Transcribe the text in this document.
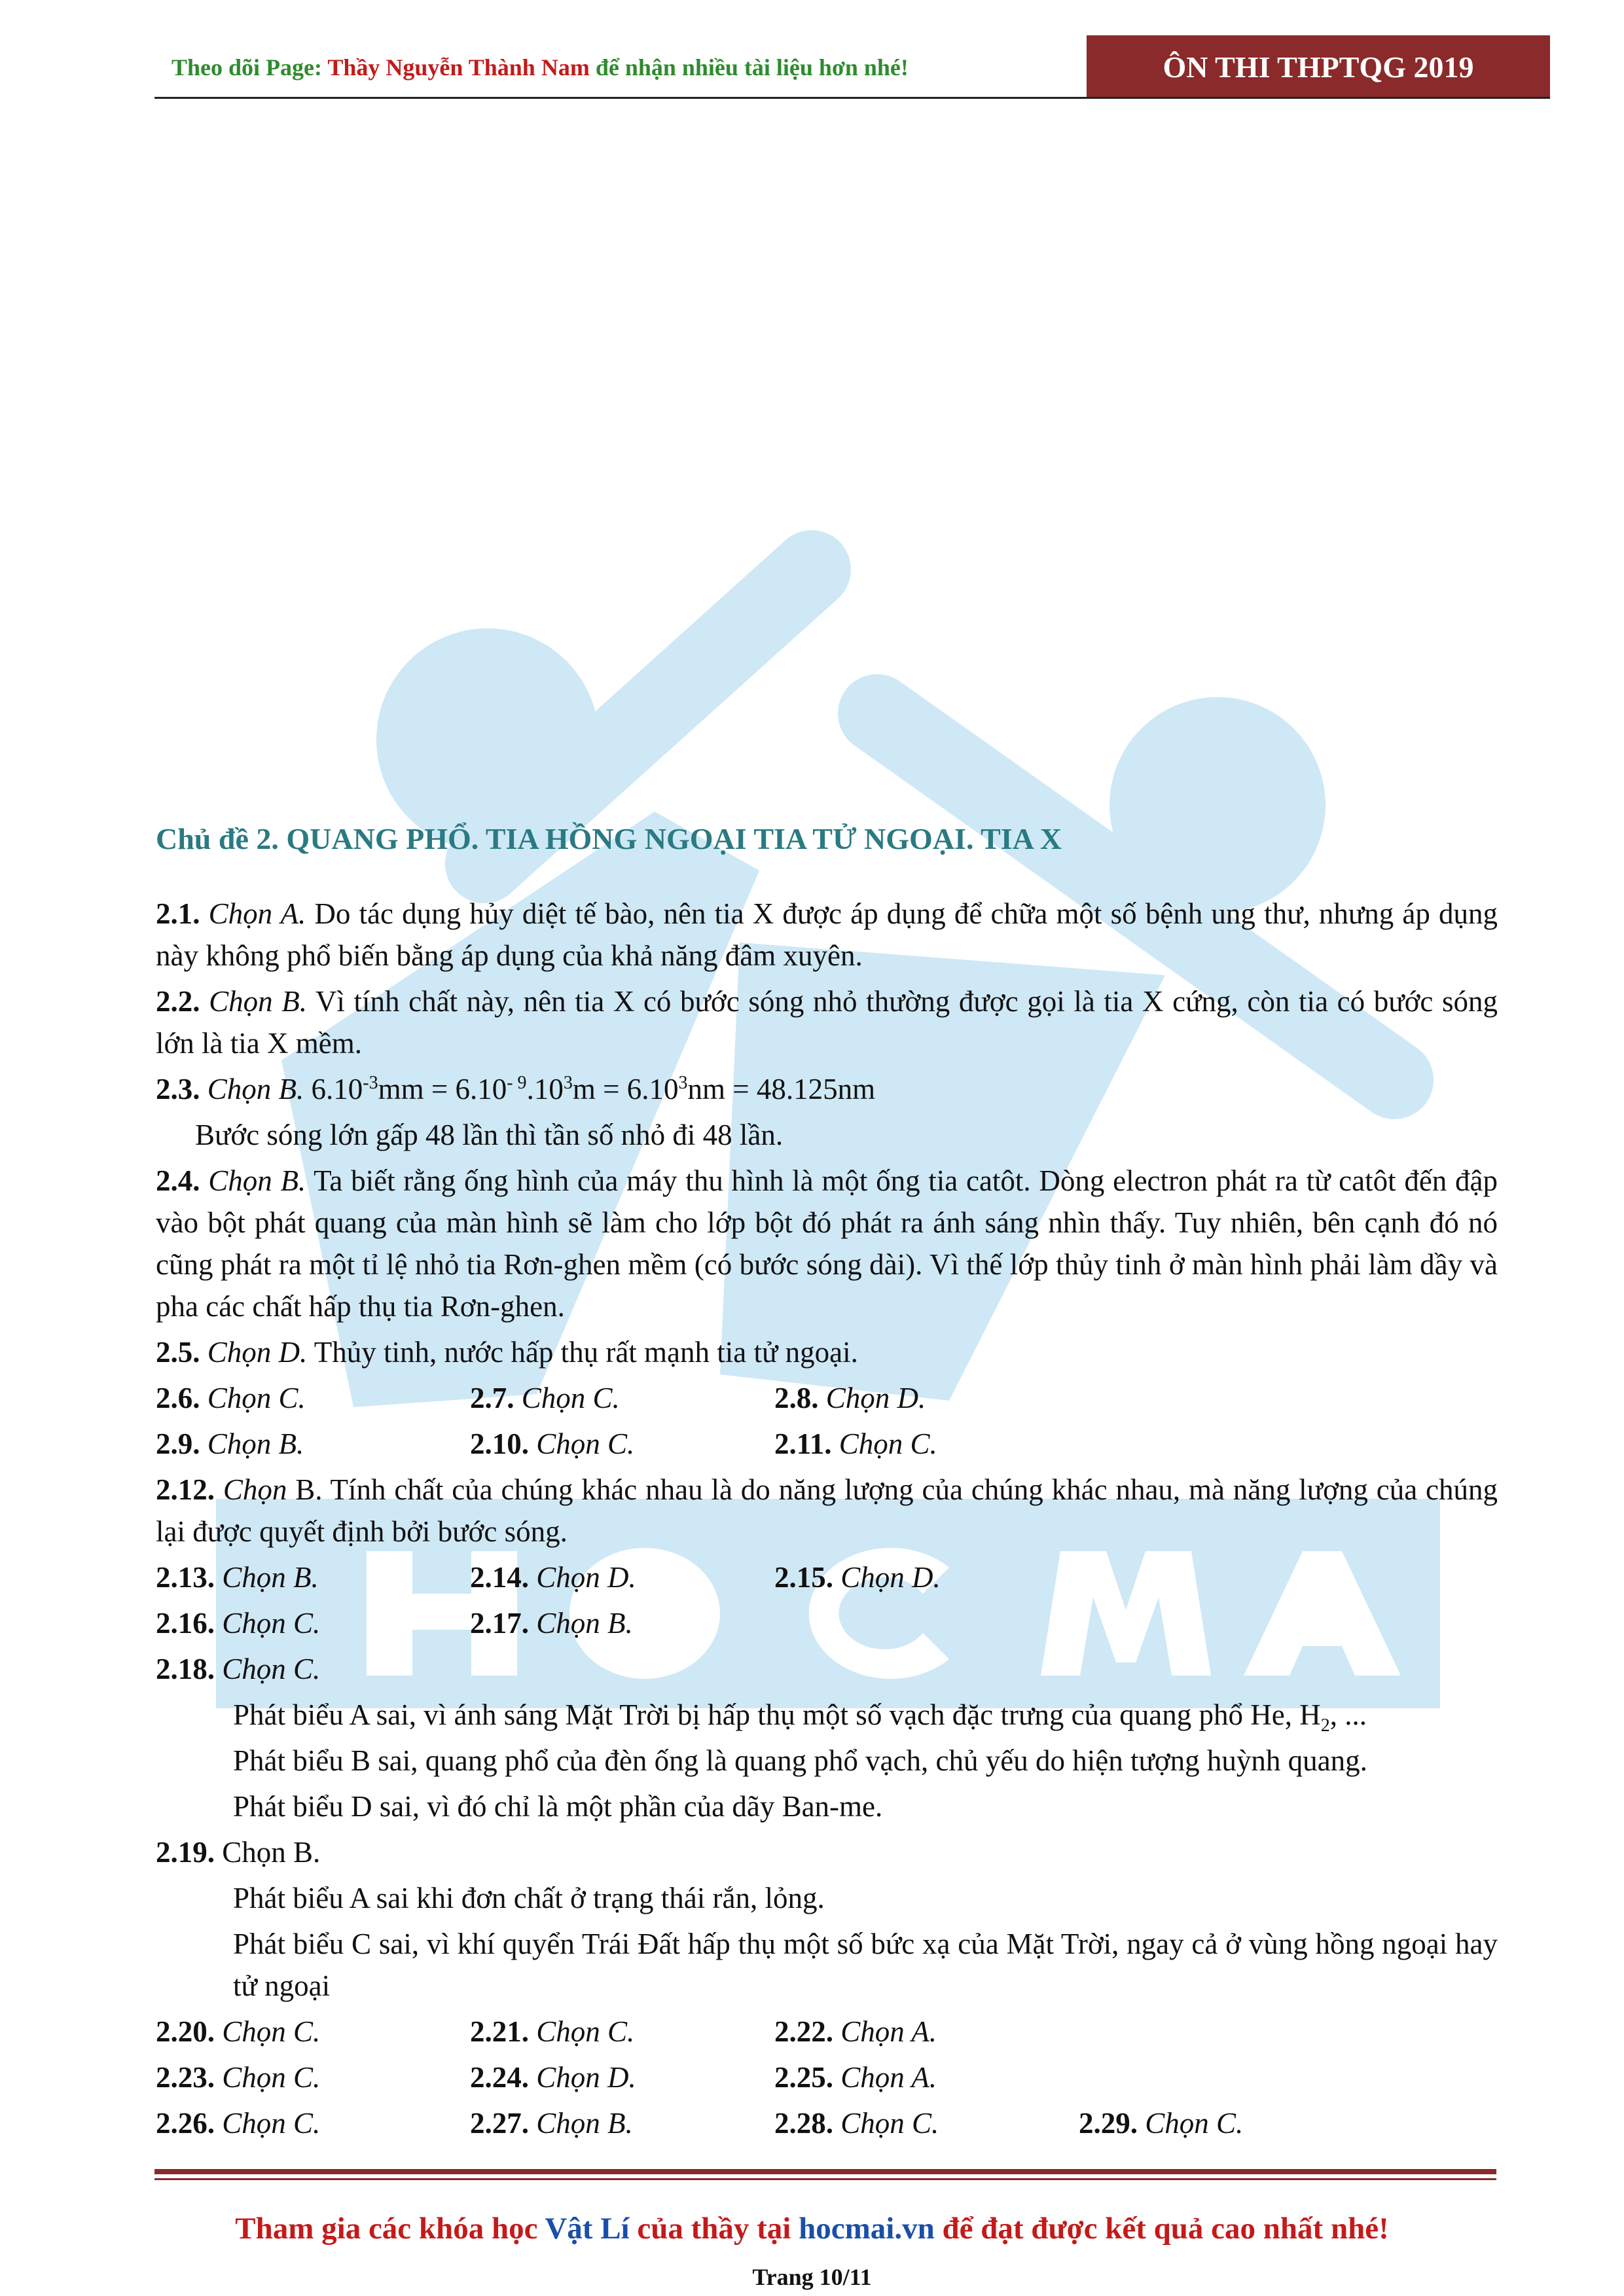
Theo dõi Page: Thầy Nguyễn Thành Nam để nhận nhiều tài liệu hơn nhé!	ÔN THI THPTQG 2019
Chủ đề 2. QUANG PHỔ. TIA HỒNG NGOẠI TIA TỬ NGOẠI. TIA X

2.1. Chọn A. Do tác dụng hủy diệt tế bào, nên tia X được áp dụng để chữa một số bệnh ung thư, nhưng áp dụng này không phổ biến bằng áp dụng của khả năng đâm xuyên.

2.2. Chọn B. Vì tính chất này, nên tia X có bước sóng nhỏ thường được gọi là tia X cứng, còn tia có bước sóng lớn là tia X mềm.

2.3. Chọn B. $6.10^{-3}mm = 6.10^{- 9}.10^3m = 6.10^3nm = 48.125nm$

Bước sóng lớn gấp 48 lần thì tần số nhỏ đi 48 lần.

2.4. Chọn B. Ta biết rằng ống hình của máy thu hình là một ống tia catôt. Dòng electron phát ra từ catôt đến đập vào bột phát quang của màn hình sẽ làm cho lớp bột đó phát ra ánh sáng nhìn thấy. Tuy nhiên, bên cạnh đó nó cũng phát ra một tỉ lệ nhỏ tia Rơn-ghen mềm (có bước sóng dài). Vì thế lớp thủy tinh ở màn hình phải làm dầy và pha các chất hấp thụ tia Rơn-ghen.

2.5. Chọn D. Thủy tinh, nước hấp thụ rất mạnh tia tử ngoại.

2.6. Chọn C.	2.7. Chọn C.	2.8. Chọn D.
2.9. Chọn B.	2.10. Chọn C.	2.11. Chọn C.

2.12. Chọn B. Tính chất của chúng khác nhau là do năng lượng của chúng khác nhau, mà năng lượng của chúng lại được quyết định bởi bước sóng.

2.13. Chọn B.	2.14. Chọn D.	2.15. Chọn D.
2.16. Chọn C.	2.17. Chọn B.

2.18. Chọn C.

Phát biểu A sai, vì ánh sáng Mặt Trời bị hấp thụ một số vạch đặc trưng của quang phổ He, $H_2$, ...

Phát biểu B sai, quang phổ của đèn ống là quang phổ vạch, chủ yếu do hiện tượng huỳnh quang.

Phát biểu D sai, vì đó chỉ là một phần của dãy Ban-me.

2.19. Chọn B.

Phát biểu A sai khi đơn chất ở trạng thái rắn, lỏng.

Phát biểu C sai, vì khí quyển Trái Đất hấp thụ một số bức xạ của Mặt Trời, ngay cả ở vùng hồng ngoại hay tử ngoại

2.20. Chọn C.	2.21. Chọn C.	2.22. Chọn A.
2.23. Chọn C.	2.24. Chọn D.	2.25. Chọn A.
2.26. Chọn C.	2.27. Chọn B.	2.28. Chọn C.	2.29. Chọn C.
Tham gia các khóa học Vật Lí của thầy tại hocmai.vn để đạt được kết quả cao nhất nhé!
Trang 10/11
